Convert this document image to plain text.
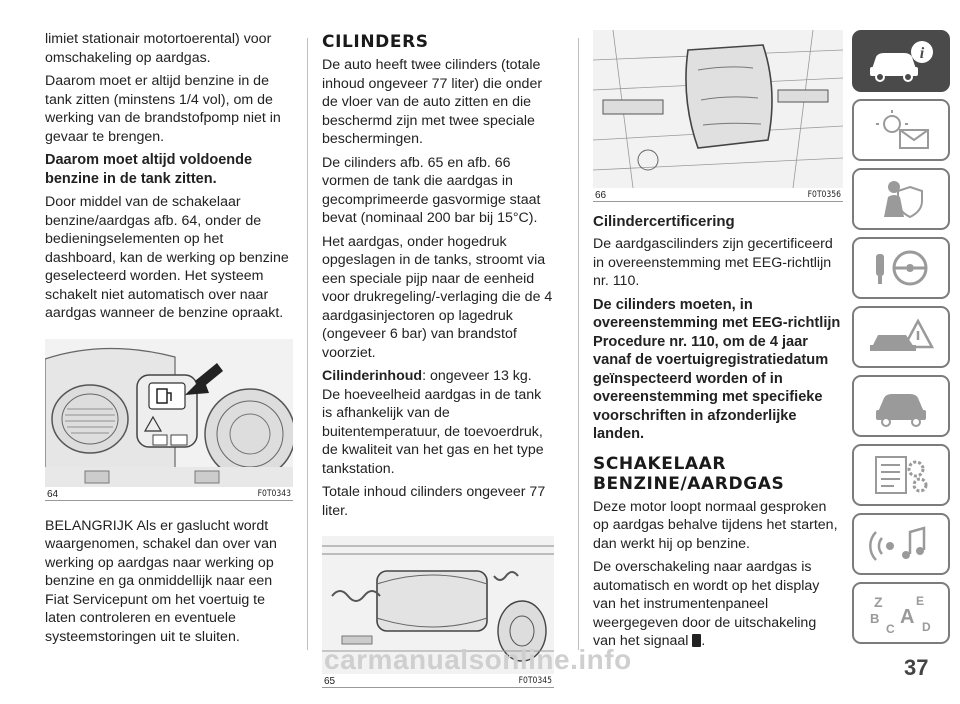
limiet stationair motortoerental) voor omschakeling op aardgas.

Daarom moet er altijd benzine in de tank zitten (minstens 1/4 vol), om de werking van de brandstofpomp niet in gevaar te brengen.

Daarom moet altijd voldoende benzine in de tank zitten.

Door middel van de schakelaar benzine/aardgas afb. 64, onder de bedieningselementen op het dashboard, kan de werking op benzine geselecteerd worden. Het systeem schakelt niet automatisch over naar aardgas wanneer de benzine opraakt.

64	F0T0343

BELANGRIJK Als er gaslucht wordt waargenomen, schakel dan over van werking op aardgas naar werking op benzine en ga onmiddellijk naar een Fiat Servicepunt om het voertuig te laten controleren en eventuele systeemstoringen uit te sluiten.

CILINDERS

De auto heeft twee cilinders (totale inhoud ongeveer 77 liter) die onder de vloer van de auto zitten en die beschermd zijn met twee speciale beschermingen.

De cilinders afb. 65 en afb. 66 vormen de tank die aardgas in gecomprimeerde gasvormige staat bevat (nominaal 200 bar bij 15°C).

Het aardgas, onder hogedruk opgeslagen in de tanks, stroomt via een speciale pijp naar de eenheid voor drukregeling/-verlaging die de 4 aardgasinjectoren op lagedruk (ongeveer 6 bar) van brandstof voorziet.

Cilinderinhoud: ongeveer 13 kg.

De hoeveelheid aardgas in de tank is afhankelijk van de buitentemperatuur, de toevoerdruk, de kwaliteit van het gas en het type tankstation.

Totale inhoud cilinders ongeveer 77 liter.

65	F0T0345
66	F0T0356
Cilindercertificering

De aardgascilinders zijn gecertificeerd in overeenstemming met EEG-richtlijn nr. 110.

De cilinders moeten, in overeenstemming met EEG-richtlijn Procedure nr. 110, om de 4 jaar vanaf de voertuigregistratiedatum geïnspecteerd worden of in overeenstemming met specifieke voorschriften in afzonderlijke landen.

SCHAKELAAR BENZINE/AARDGAS

Deze motor loopt normaal gesproken op aardgas behalve tijdens het starten, dan werkt hij op benzine.

De overschakeling naar aardgas is automatisch en wordt op het display van het instrumentenpaneel weergegeven door de uitschakeling van het signaal .

i
Z	E
B A
C D
carmanualsonline.info	37
